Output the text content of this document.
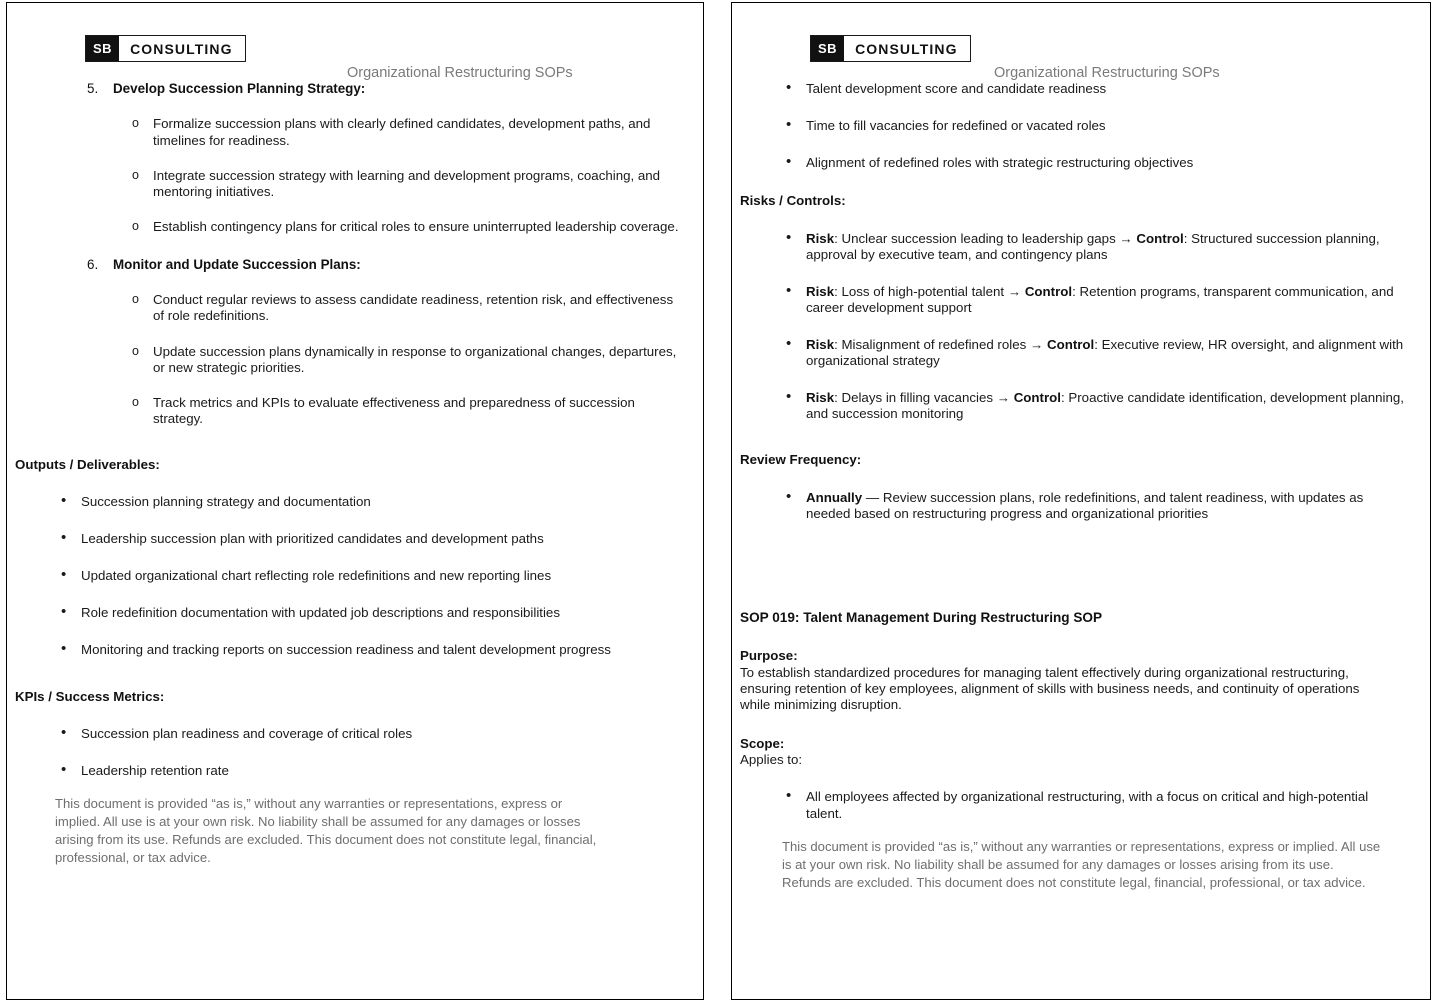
SB	CONSULTING
Organizational Restructuring SOPs
5. Develop Succession Planning Strategy:
o Formalize succession plans with clearly defined candidates, development paths, and timelines for readiness.
o Integrate succession strategy with learning and development programs, coaching, and mentoring initiatives.
o Establish contingency plans for critical roles to ensure uninterrupted leadership coverage.
6. Monitor and Update Succession Plans:
o Conduct regular reviews to assess candidate readiness, retention risk, and effectiveness of role redefinitions.
o Update succession plans dynamically in response to organizational changes, departures, or new strategic priorities.
o Track metrics and KPIs to evaluate effectiveness and preparedness of succession strategy.
Outputs / Deliverables:
• Succession planning strategy and documentation
• Leadership succession plan with prioritized candidates and development paths
• Updated organizational chart reflecting role redefinitions and new reporting lines
• Role redefinition documentation with updated job descriptions and responsibilities
• Monitoring and tracking reports on succession readiness and talent development progress
KPIs / Success Metrics:
• Succession plan readiness and coverage of critical roles
• Leadership retention rate
This document is provided “as is,” without any warranties or representations, express or implied. All use is at your own risk. No liability shall be assumed for any damages or losses arising from its use. Refunds are excluded. This document does not constitute legal, financial, professional, or tax advice.
SB	CONSULTING
Organizational Restructuring SOPs
• Talent development score and candidate readiness
• Time to fill vacancies for redefined or vacated roles
• Alignment of redefined roles with strategic restructuring objectives
Risks / Controls:
• Risk: Unclear succession leading to leadership gaps → Control: Structured succession planning, approval by executive team, and contingency plans
• Risk: Loss of high-potential talent → Control: Retention programs, transparent communication, and career development support
• Risk: Misalignment of redefined roles → Control: Executive review, HR oversight, and alignment with organizational strategy
• Risk: Delays in filling vacancies → Control: Proactive candidate identification, development planning, and succession monitoring
Review Frequency:
• Annually — Review succession plans, role redefinitions, and talent readiness, with updates as needed based on restructuring progress and organizational priorities
SOP 019: Talent Management During Restructuring SOP
Purpose:
To establish standardized procedures for managing talent effectively during organizational restructuring, ensuring retention of key employees, alignment of skills with business needs, and continuity of operations while minimizing disruption.
Scope:
Applies to:
• All employees affected by organizational restructuring, with a focus on critical and high-potential talent.
This document is provided “as is,” without any warranties or representations, express or implied. All use is at your own risk. No liability shall be assumed for any damages or losses arising from its use. Refunds are excluded. This document does not constitute legal, financial, professional, or tax advice.
